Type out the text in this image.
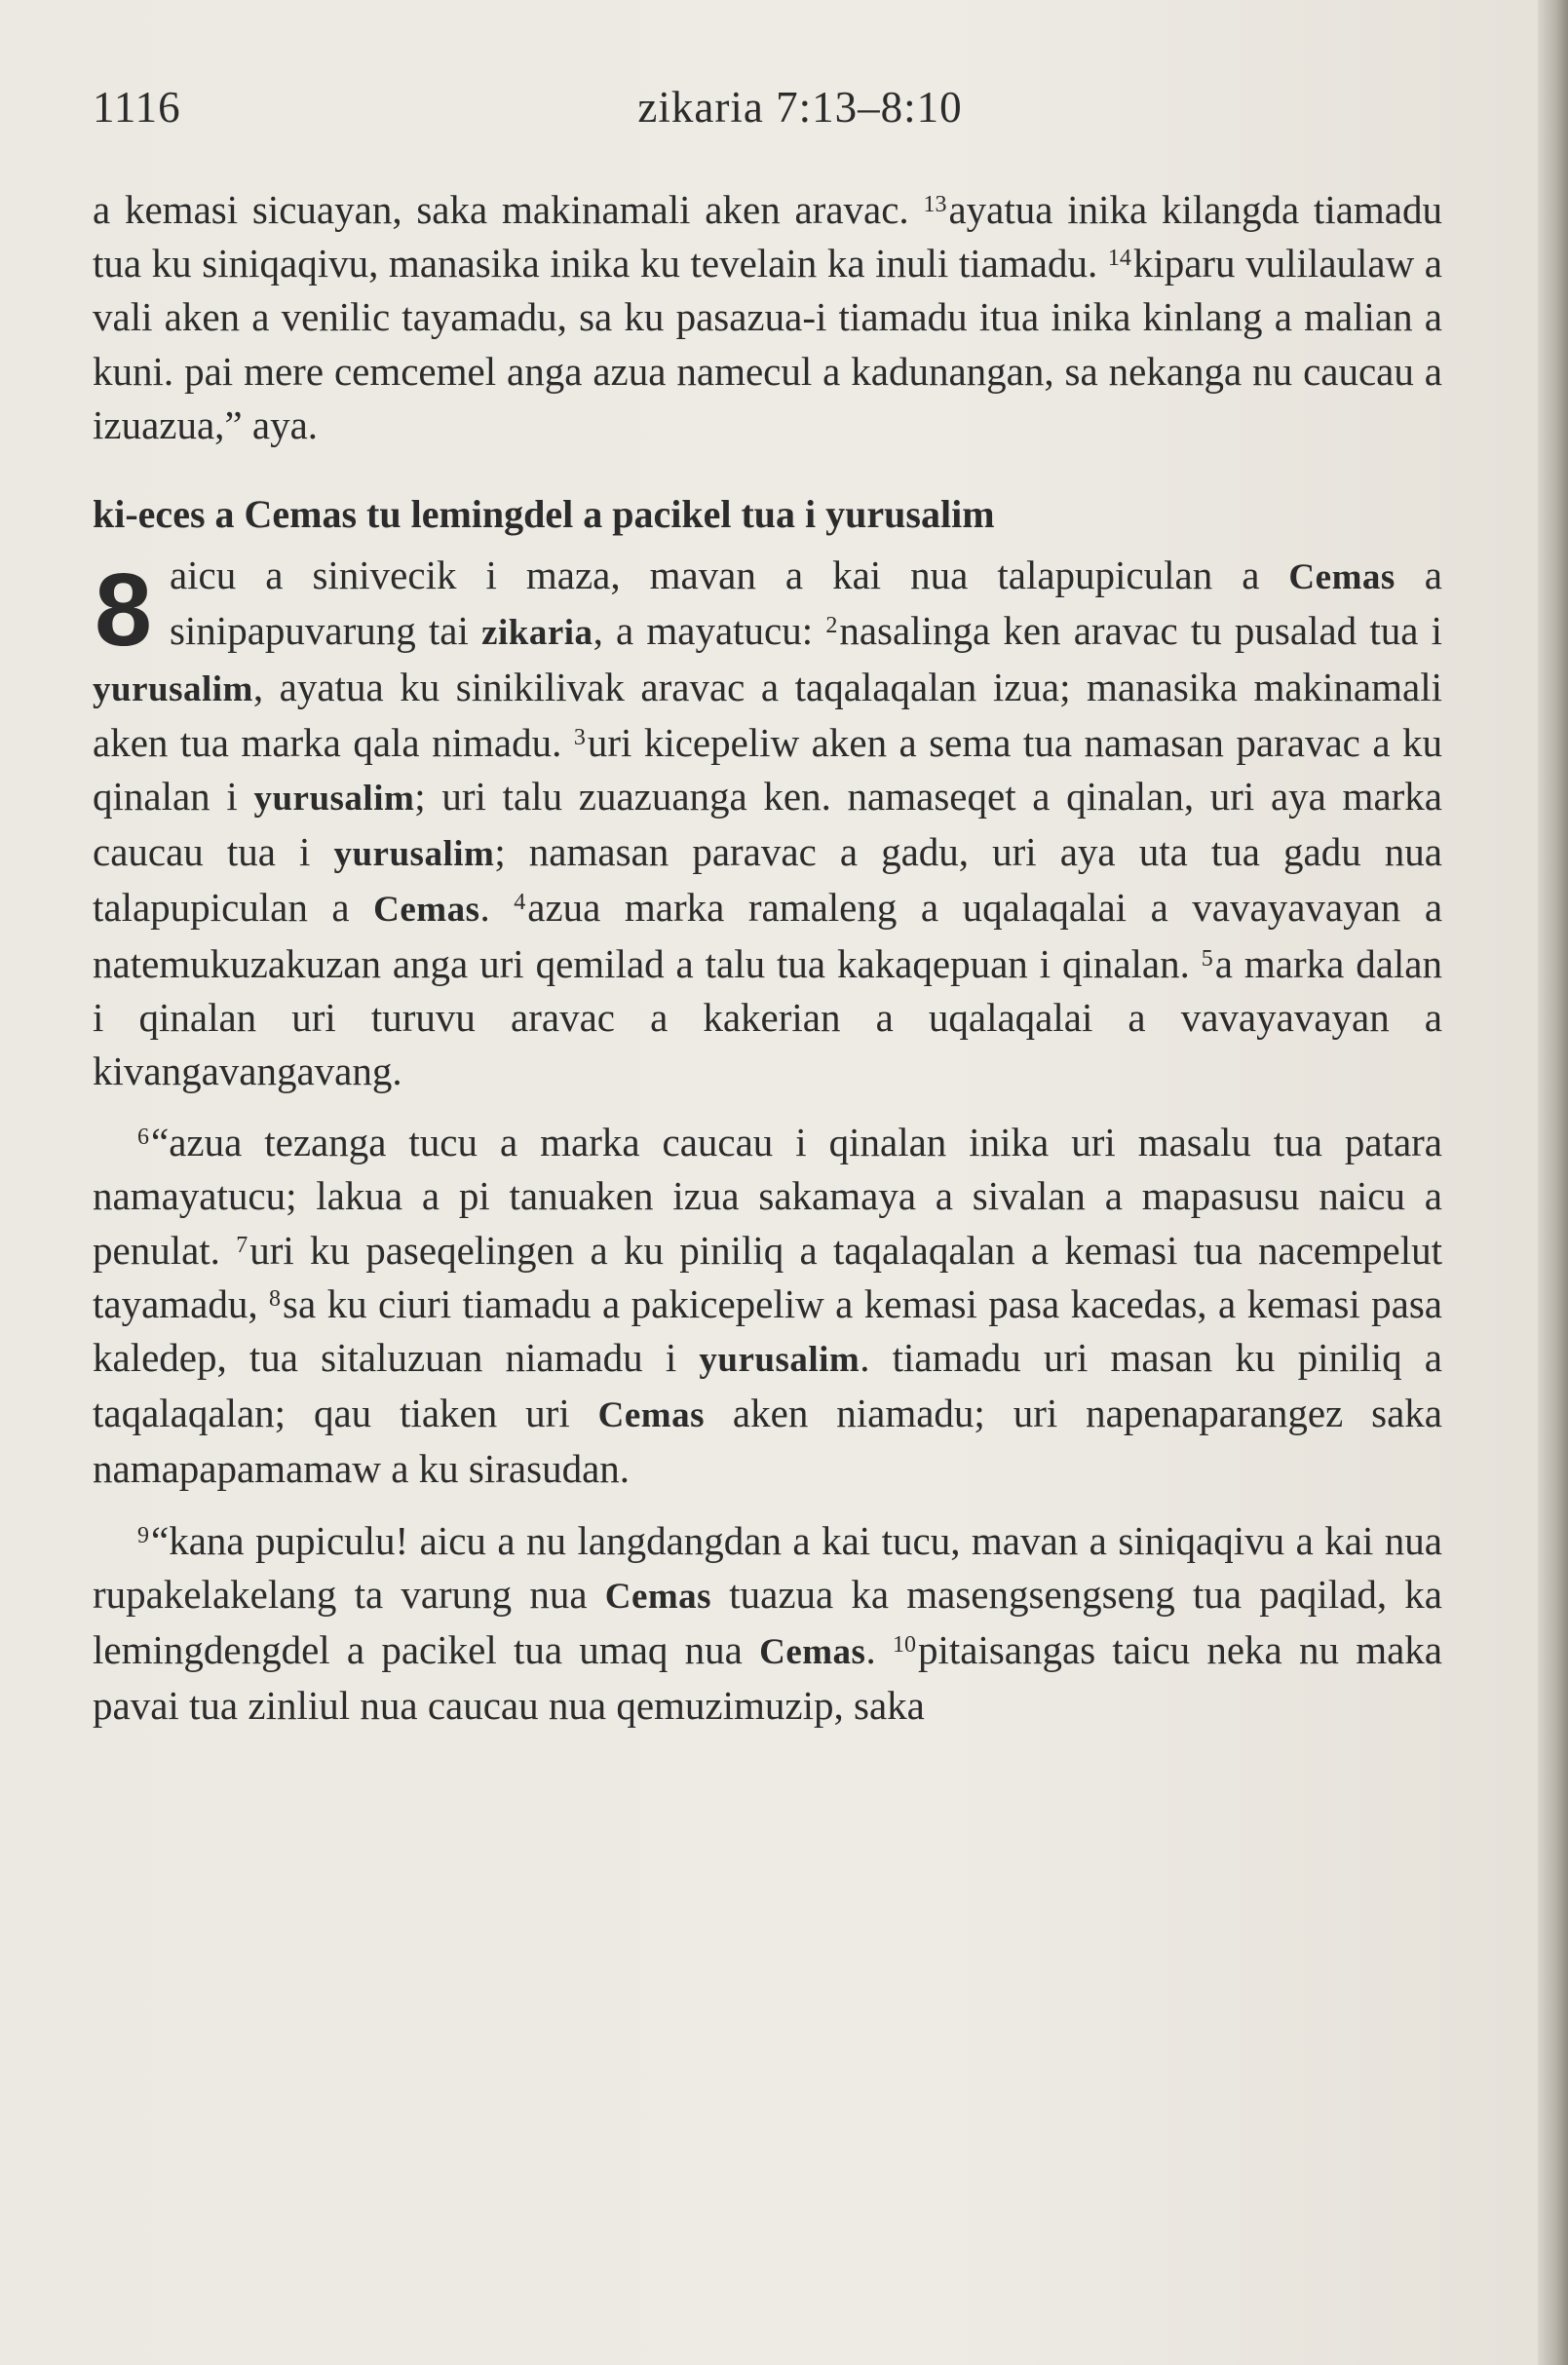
1116	zikaria 7:13–8:10

a kemasi sicuayan, saka makinamali aken aravac. $^{13}$ayatua inika kilangda tiamadu tua ku siniqaqivu, manasika inika ku tevelain ka inuli tiamadu. $^{14}$kiparu vulilaulaw a vali aken a venilic tayamadu, sa ku pasazua-i tiamadu itua inika kinlang a malian a kuni. pai mere cemcemel anga azua namecul a kadunangan, sa nekanga nu caucau a izuazua,” aya.

ki-eces a Cemas tu lemingdel a pacikel tua i yurusalim

8 aicu a sinivecik i maza, mavan a kai nua talapupiculan a Cemas a sinipapuvarung tai zikaria, a mayatucu: $^2$nasalinga ken aravac tu pusalad tua i yurusalim, ayatua ku sinikilivak aravac a taqalaqalan izua; manasika makinamali aken tua marka qala nimadu. $^3$uri kicepeliw aken a sema tua namasan paravac a ku qinalan i yurusalim; uri talu zuazuanga ken. namaseqet a qinalan, uri aya marka caucau tua i yurusalim; namasan paravac a gadu, uri aya uta tua gadu nua talapupiculan a Cemas. $^4$azua marka ramaleng a uqalaqalai a vavayavayan a natemukuzakuzan anga uri qemilad a talu tua kakaqepuan i qinalan. $^5$a marka dalan i qinalan uri turuvu aravac a kakerian a uqalaqalai a vavayavayan a kivangavangavang.

$^6$“azua tezanga tucu a marka caucau i qinalan inika uri masalu tua patara namayatucu; lakua a pi tanuaken izua sakamaya a sivalan a mapasusu naicu a penulat. $^7$uri ku paseqelingen a ku piniliq a taqalaqalan a kemasi tua nacempelut tayamadu, $^8$sa ku ciuri tiamadu a pakicepeliw a kemasi pasa kacedas, a kemasi pasa kaledep, tua sitaluzuan niamadu i yurusalim. tiamadu uri masan ku piniliq a taqalaqalan; qau tiaken uri Cemas aken niamadu; uri napenaparangez saka namapapamamaw a ku sirasudan.

$^9$“kana pupiculu! aicu a nu langdangdan a kai tucu, mavan a siniqaqivu a kai nua rupakelakelang ta varung nua Cemas tuazua ka masengsengseng tua paqilad, ka lemingdengdel a pacikel tua umaq nua Cemas. $^{10}$pitaisangas taicu neka nu maka pavai tua zinliul nua caucau nua qemuzimuzip, saka
